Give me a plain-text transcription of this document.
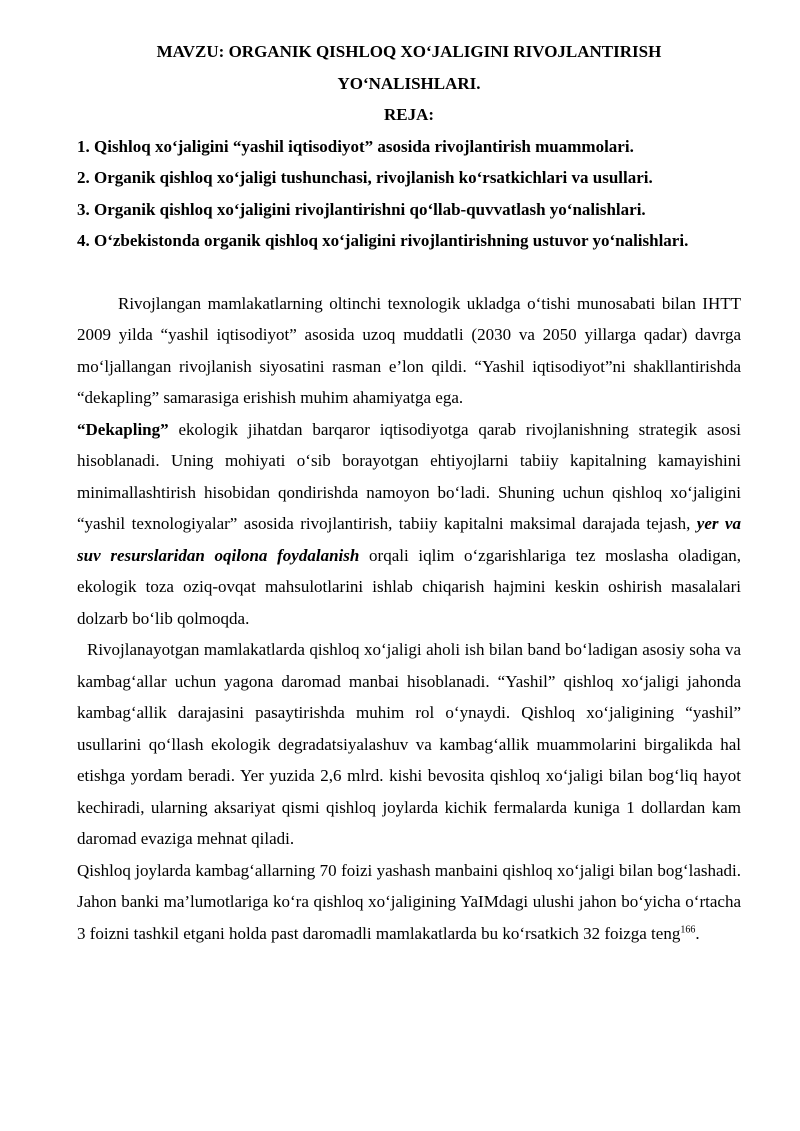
MAVZU: ORGANIK QISHLOQ XO‘JALIGINI RIVOJLANTIRISH

YO‘NALISHLARI.

REJA:

1. Qishloq xo‘jaligini “yashil iqtisodiyot” asosida rivojlantirish muammolari.

2. Organik qishloq xo‘jaligi tushunchasi, rivojlanish ko‘rsatkichlari va usullari.

3. Organik qishloq xo‘jaligini rivojlantirishni qo‘llab-quvvatlash yo‘nalishlari.

4. O‘zbekistonda organik qishloq xo‘jaligini rivojlantirishning ustuvor yo‘nalishlari.

Rivojlangan mamlakatlarning oltinchi texnologik ukladga o‘tishi munosabati bilan IHTT 2009 yilda “yashil iqtisodiyot” asosida uzoq muddatli (2030 va 2050 yillarga qadar) davrga mo‘ljallangan rivojlanish siyosatini rasman e’lon qildi. “Yashil iqtisodiyot”ni shakllantirishda “dekapling” samarasiga erishish muhim ahamiyatga ega.

“Dekapling” ekologik jihatdan barqaror iqtisodiyotga qarab rivojlanishning strategik asosi hisoblanadi. Uning mohiyati o‘sib borayotgan ehtiyojlarni tabiiy kapitalning kamayishini minimallashtirish hisobidan qondirishda namoyon bo‘ladi. Shuning uchun qishloq xo‘jaligini “yashil texnologiyalar” asosida rivojlantirish, tabiiy kapitalni maksimal darajada tejash, yer va suv resurslaridan oqilona foydalanish orqali iqlim o‘zgarishlariga tez moslasha oladigan, ekologik toza oziq-ovqat mahsulotlarini ishlab chiqarish hajmini keskin oshirish masalalari dolzarb bo‘lib qolmoqda.

Rivojlanayotgan mamlakatlarda qishloq xo‘jaligi aholi ish bilan band bo‘ladigan asosiy soha va kambag‘allar uchun yagona daromad manbai hisoblanadi. “Yashil” qishloq xo‘jaligi jahonda kambag‘allik darajasini pasaytirishda muhim rol o‘ynaydi. Qishloq xo‘jaligining “yashil” usullarini qo‘llash ekologik degradatsiyalashuv va kambag‘allik muammolarini birgalikda hal etishga yordam beradi. Yer yuzida 2,6 mlrd. kishi bevosita qishloq xo‘jaligi bilan bog‘liq hayot kechiradi, ularning aksariyat qismi qishloq joylarda kichik fermalarda kuniga 1 dollardan kam daromad evaziga mehnat qiladi.

Qishloq joylarda kambag‘allarning 70 foizi yashash manbaini qishloq xo‘jaligi bilan bog‘lashadi. Jahon banki ma’lumotlariga ko‘ra qishloq xo‘jaligining YaIMdagi ulushi jahon bo‘yicha o‘rtacha 3 foizni tashkil etgani holda past daromadli mamlakatlarda bu ko‘rsatkich 32 foizga teng$^{166}$.
